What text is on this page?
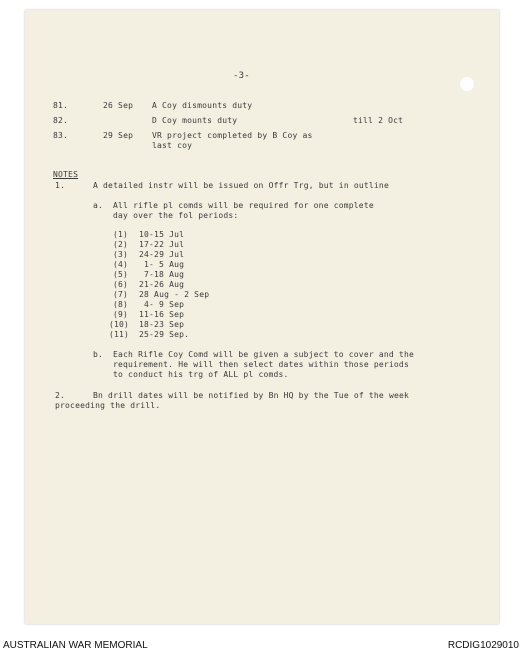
-3-
81.	26 Sep A Coy dismounts duty
82.	D Coy mounts duty	till 2 Oct
83.	29 Sep VR project completed by B Coy as
last coy
NOTES
1.	A detailed instr will be issued on Offr Trg, but in outline
a. All rifle pl comds will be required for one complete
day over the fol periods:
(1) 10-15 Jul
(2) 17-22 Jul
(3) 24-29 Jul
(4) 1- 5 Aug
(5) 7-18 Aug
(6) 21-26 Aug
(7) 28 Aug - 2 Sep
(8) 4- 9 Sep
(9) 11-16 Sep
(10) 18-23 Sep
(11) 25-29 Sep.
b. Each Rifle Coy Comd will be given a subject to cover and the
requirement. He will then select dates within those periods
to conduct his trg of ALL pl comds.
2.	Bn drill dates will be notified by Bn HQ by the Tue of the week
proceeding the drill.
AUSTRALIAN WAR MEMORIAL	RCDIG1029010
